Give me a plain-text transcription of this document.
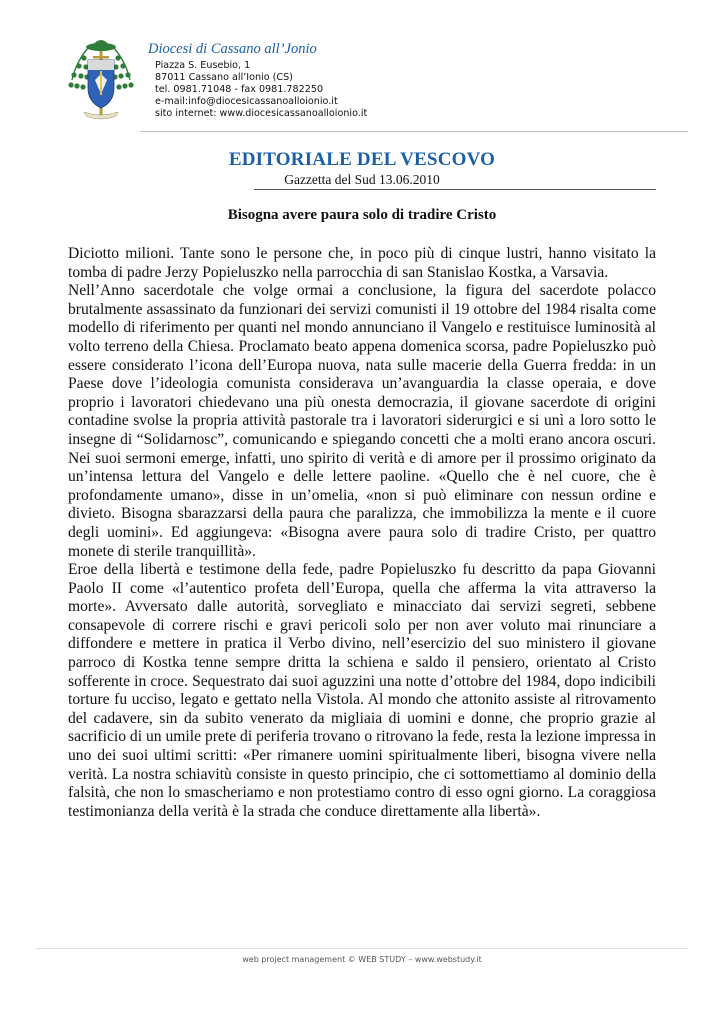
Diocesi di Cassano all’Jonio
Piazza S. Eusebio, 1
87011 Cassano all’Ionio (CS)
tel. 0981.71048 - fax 0981.782250
e-mail:info@diocesicassanoalloionio.it
sito internet: www.diocesicassanoalloionio.it
EDITORIALE DEL VESCOVO
Gazzetta del Sud 13.06.2010
Bisogna avere paura solo di tradire Cristo

Diciotto milioni. Tante sono le persone che, in poco più di cinque lustri, hanno visitato la tomba di padre Jerzy Popieluszko nella parrocchia di san Stanislao Kostka, a Varsavia.

Nell’Anno sacerdotale che volge ormai a conclusione, la figura del sacerdote polacco brutalmente assassinato da funzionari dei servizi comunisti il 19 ottobre del 1984 risalta come modello di riferimento per quanti nel mondo annunciano il Vangelo e restituisce luminosità al volto terreno della Chiesa. Proclamato beato appena domenica scorsa, padre Popieluszko può essere considerato l’icona dell’Europa nuova, nata sulle macerie della Guerra fredda: in un Paese dove l’ideologia comunista considerava un’avanguardia la classe operaia, e dove proprio i lavoratori chiedevano una più onesta democrazia, il giovane sacerdote di origini contadine svolse la propria attività pastorale tra i lavoratori siderurgici e si unì a loro sotto le insegne di “Solidarnosc”, comunicando e spiegando concetti che a molti erano ancora oscuri. Nei suoi sermoni emerge, infatti, uno spirito di verità e di amore per il prossimo originato da un’intensa lettura del Vangelo e delle lettere paoline. «Quello che è nel cuore, che è profondamente umano», disse in un’omelia, «non si può eliminare con nessun ordine e divieto. Bisogna sbarazzarsi della paura che paralizza, che immobilizza la mente e il cuore degli uomini». Ed aggiungeva: «Bisogna avere paura solo di tradire Cristo, per quattro monete di sterile tranquillità».

Eroe della libertà e testimone della fede, padre Popieluszko fu descritto da papa Giovanni Paolo II come «l’autentico profeta dell’Europa, quella che afferma la vita attraverso la morte». Avversato dalle autorità, sorvegliato e minacciato dai servizi segreti, sebbene consapevole di correre rischi e gravi pericoli solo per non aver voluto mai rinunciare a diffondere e mettere in pratica il Verbo divino, nell’esercizio del suo ministero il giovane parroco di Kostka tenne sempre dritta la schiena e saldo il pensiero, orientato al Cristo sofferente in croce. Sequestrato dai suoi aguzzini una notte d’ottobre del 1984, dopo indicibili torture fu ucciso, legato e gettato nella Vistola. Al mondo che attonito assiste al ritrovamento del cadavere, sin da subito venerato da migliaia di uomini e donne, che proprio grazie al sacrificio di un umile prete di periferia trovano o ritrovano la fede, resta la lezione impressa in uno dei suoi ultimi scritti: «Per rimanere uomini spiritualmente liberi, bisogna vivere nella verità. La nostra schiavitù consiste in questo principio, che ci sottomettiamo al dominio della falsità, che non lo smascheriamo e non protestiamo contro di esso ogni giorno. La coraggiosa testimonianza della verità è la strada che conduce direttamente alla libertà».

web project management © WEB STUDY – www.webstudy.it
